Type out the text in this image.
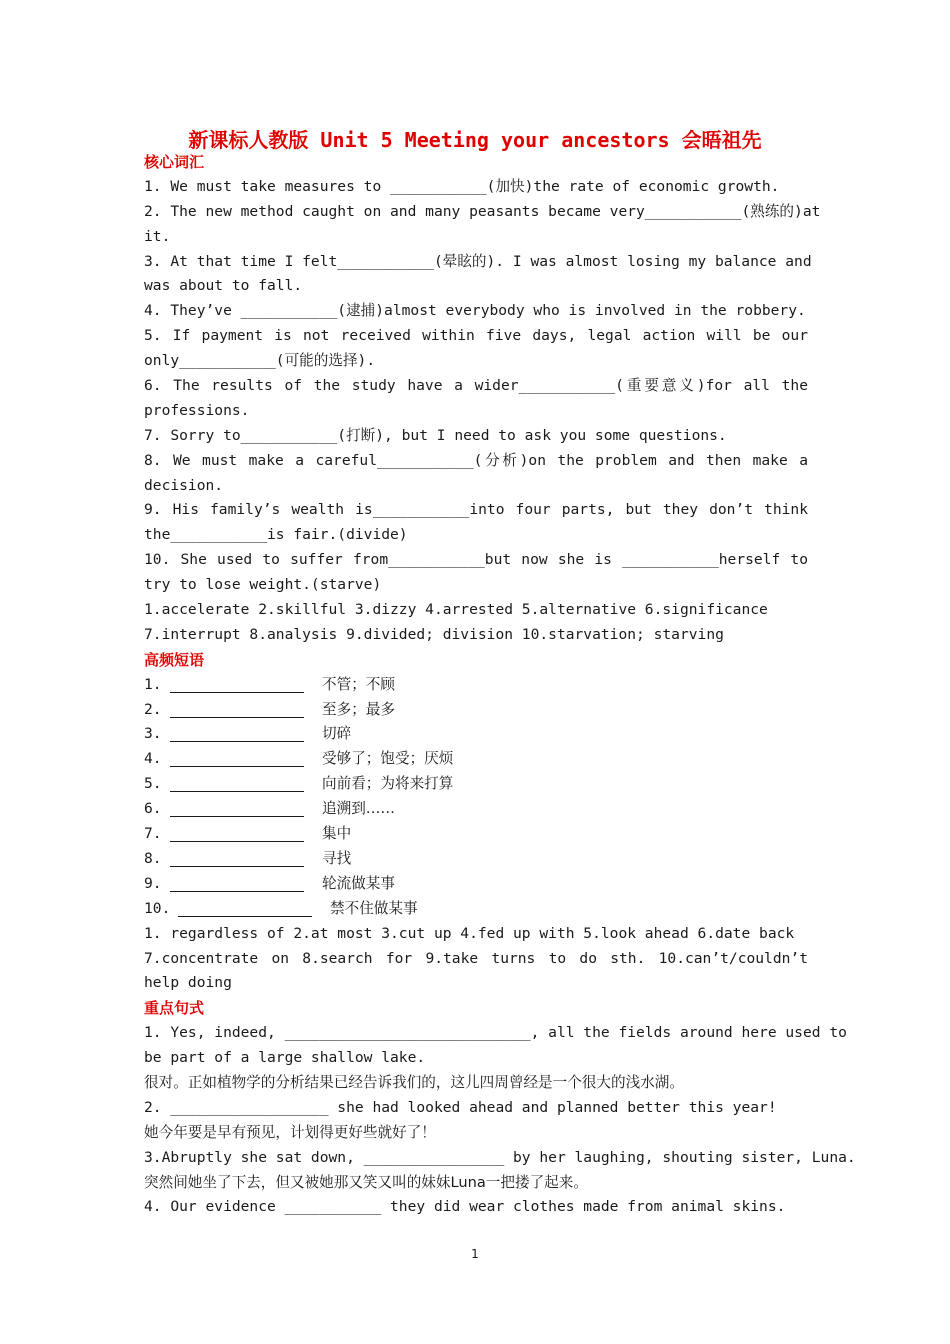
新课标人教版 Unit 5 Meeting your ancestors 会晤祖先
核心词汇
1. We must take measures to ___________(加快)the rate of economic growth.
2. The new method caught on and many peasants became very___________(熟练的)at
it.
3. At that time I felt___________(晕眩的). I was almost losing my balance and
was about to fall.
4. They’ve ___________(逮捕)almost everybody who is involved in the robbery.
5. If payment is not received within five days, legal action will be our
only___________(可能的选择).
6. The results of the study have a wider___________(重要意义)for all the
professions.
7. Sorry to___________(打断), but I need to ask you some questions.
8. We must make a careful___________(分析)on the problem and then make a
decision.
9. His family’s wealth is___________into four parts, but they don’t think
the___________is fair.(divide)
10. She used to suffer from___________but now she is ___________herself to
try to lose weight.(starve)
1.accelerate 2.skillful 3.dizzy 4.arrested 5.alternative 6.significance
7.interrupt 8.analysis 9.divided; division 10.starvation; starving
高频短语
1.	不管；不顾
2.	至多；最多
3.	切碎
4.	受够了；饱受；厌烦
5.	向前看；为将来打算
6.	追溯到……
7.	集中
8.	寻找
9.	轮流做某事
10.	禁不住做某事
1. regardless of 2.at most 3.cut up 4.fed up with 5.look ahead 6.date back
7.concentrate on 8.search for 9.take turns to do sth. 10.can’t/couldn’t
help doing
重点句式
1. Yes, indeed, ____________________________, all the fields around here used to
be part of a large shallow lake.
很对。正如植物学的分析结果已经告诉我们的，这儿四周曾经是一个很大的浅水湖。
2. __________________ she had looked ahead and planned better this year!
她今年要是早有预见，计划得更好些就好了！
3.Abruptly she sat down, ________________ by her laughing, shouting sister, Luna.
突然间她坐了下去，但又被她那又笑又叫的妹妹Luna一把搂了起来。
4. Our evidence ___________ they did wear clothes made from animal skins.
1
